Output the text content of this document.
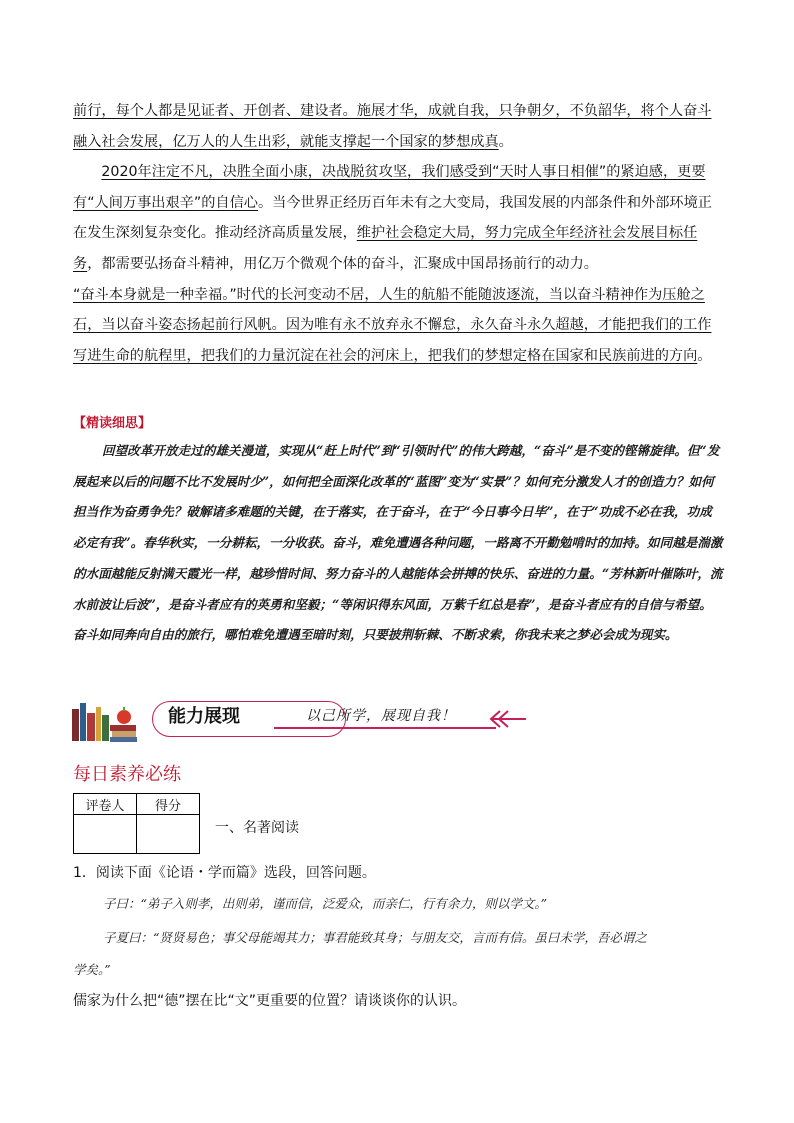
前行，每个人都是见证者、开创者、建设者。施展才华，成就自我，只争朝夕，不负韶华，将个人奋斗融入社会发展，亿万人的人生出彩，就能支撑起一个国家的梦想成真。

2020年注定不凡，决胜全面小康，决战脱贫攻坚，我们感受到“天时人事日相催”的紧迫感，更要有“人间万事出艰辛”的自信心。当今世界正经历百年未有之大变局，我国发展的内部条件和外部环境正在发生深刻复杂变化。推动经济高质量发展，维护社会稳定大局，努力完成全年经济社会发展目标任务，都需要弘扬奋斗精神，用亿万个微观个体的奋斗，汇聚成中国昂扬前行的动力。

“奋斗本身就是一种幸福。”时代的长河变动不居，人生的航船不能随波逐流，当以奋斗精神作为压舱之石，当以奋斗姿态扬起前行风帆。因为唯有永不放弃永不懈怠，永久奋斗永久超越，才能把我们的工作写进生命的航程里，把我们的力量沉淀在社会的河床上，把我们的梦想定格在国家和民族前进的方向。

【精读细思】

回望改革开放走过的雄关漫道，实现从“赶上时代”到“引领时代”的伟大跨越，“奋斗”是不变的铿锵旋律。但“发展起来以后的问题不比不发展时少”，如何把全面深化改革的“蓝图”变为“实景”？如何充分激发人才的创造力？如何担当作为奋勇争先？破解诸多难题的关键，在于落实，在于奋斗，在于“今日事今日毕”，在于“功成不必在我，功成必定有我”。春华秋实，一分耕耘，一分收获。奋斗，难免遭遇各种问题，一路离不开勤勉啃时的加持。如同越是湍激的水面越能反射满天霞光一样，越珍惜时间、努力奋斗的人越能体会拼搏的快乐、奋进的力量。“芳林新叶催陈叶，流水前波让后波”，是奋斗者应有的英勇和坚毅；“等闲识得东风面，万紫千红总是春”，是奋斗者应有的自信与希望。奋斗如同奔向自由的旅行，哪怕难免遭遇至暗时刻，只要披荆斩棘、不断求索，你我未来之梦必会成为现实。

能力展现	以己所学，展现自我！
每日素养必练
评卷人	得分

一、名著阅读
1．阅读下面《论语・学而篇》选段，回答问题。
子曰：“弟子入则孝，出则弟，谨而信，泛爱众，而亲仁，行有余力，则以学文。”
子夏曰：“贤贤易色；事父母能竭其力；事君能致其身；与朋友交，言而有信。虽曰未学，吾必谓之
学矣。”
儒家为什么把“德”摆在比“文”更重要的位置？请谈谈你的认识。
